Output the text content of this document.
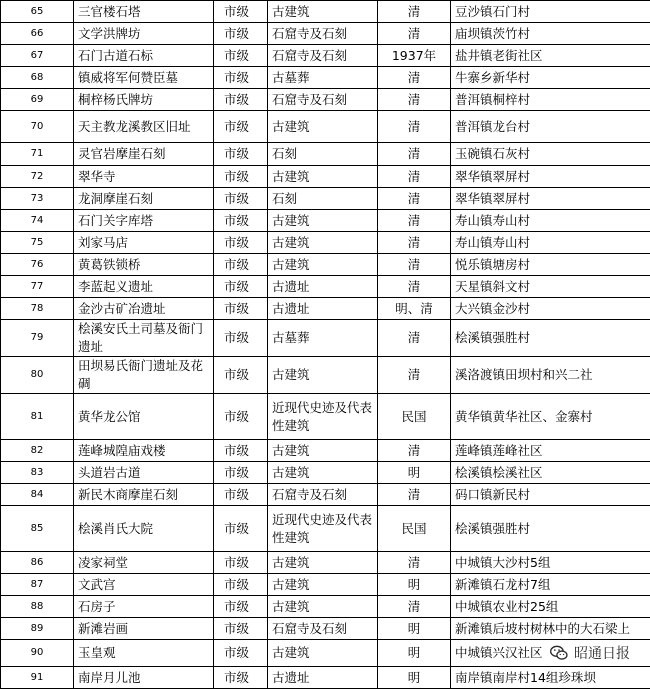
65	三官楼石塔	市级	古建筑	清	豆沙镇石门村
66	文学洪牌坊	市级	石窟寺及石刻	清	庙坝镇茨竹村
67	石门古道石标	市级	石窟寺及石刻	1937年	盐井镇老街社区
68	镇威将军何赞臣墓	市级	古墓葬	清	牛寨乡新华村
69	桐梓杨氏牌坊	市级	石窟寺及石刻	清	普洱镇桐梓村
70	天主教龙溪教区旧址	市级	古建筑	清	普洱镇龙台村
71	灵官岩摩崖石刻	市级	石刻	清	玉碗镇石灰村
72	翠华寺	市级	古建筑	清	翠华镇翠屏村
73	龙洞摩崖石刻	市级	石刻	清	翠华镇翠屏村
74	石门关字库塔	市级	古建筑	清	寿山镇寿山村
75	刘家马店	市级	古建筑	清	寿山镇寿山村
76	黄葛铁锁桥	市级	古建筑	清	悦乐镇塘房村
77	李蓝起义遗址	市级	古遗址	清	天星镇斜文村
78	金沙古矿冶遗址	市级	古遗址	明、清	大兴镇金沙村
79	桧溪安氏土司墓及衙门遗址	市级	古墓葬	清	桧溪镇强胜村
80	田坝易氏衙门遗址及花碉	市级	古建筑	清	溪洛渡镇田坝村和兴二社
81	黄华龙公馆	市级	近现代史迹及代表性建筑	民国	黄华镇黄华社区、金寨村
82	莲峰城隍庙戏楼	市级	古建筑	清	莲峰镇莲峰社区
83	头道岩古道	市级	古建筑	明	桧溪镇桧溪社区
84	新民木商摩崖石刻	市级	石窟寺及石刻	清	码口镇新民村
85	桧溪肖氏大院	市级	近现代史迹及代表性建筑	民国	桧溪镇强胜村
86	凌家祠堂	市级	古建筑	清	中城镇大沙村5组
87	文武宫	市级	古建筑	明	新滩镇石龙村7组
88	石房子	市级	古建筑	清	中城镇农业村25组
89	新滩岩画	市级	石窟寺及石刻	明	新滩镇后坡村树林中的大石梁上
90	玉皇观	市级	古建筑	明	中城镇兴汉社区
91	南岸月儿池	市级	古遗址	明	南岸镇南岸村14组珍珠坝
昭通日报
